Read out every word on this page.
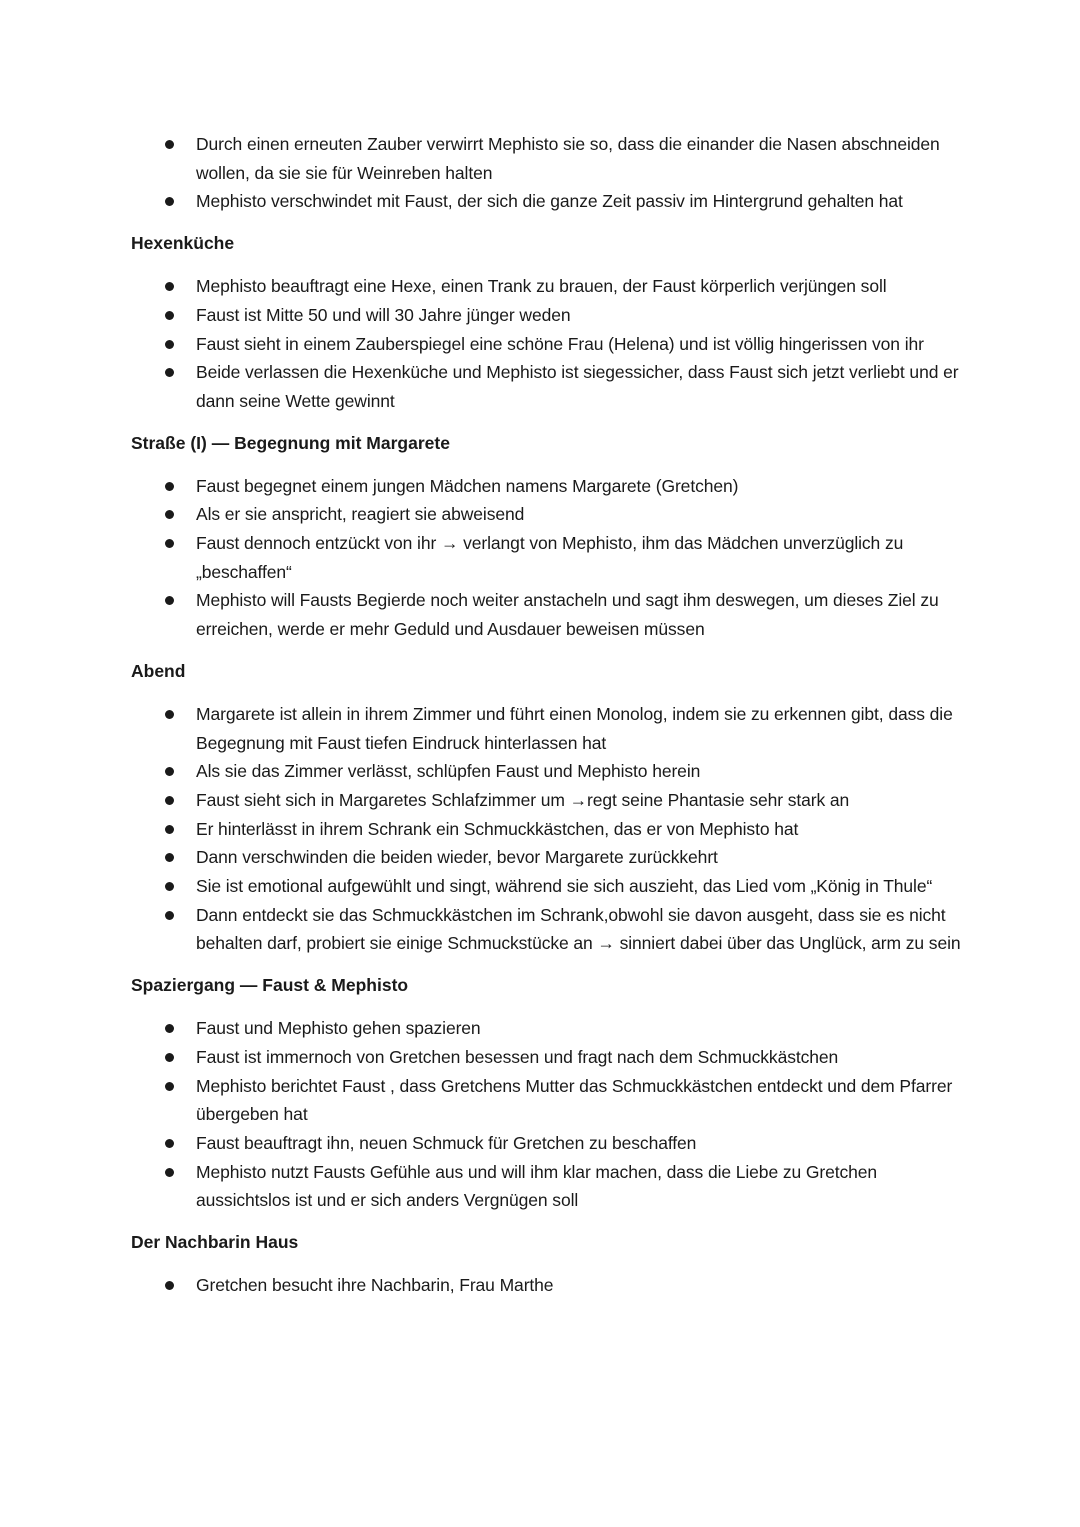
Durch einen erneuten Zauber verwirrt Mephisto sie so, dass die einander die Nasen abschneiden wollen, da sie sie für Weinreben halten
Mephisto verschwindet mit Faust, der sich die ganze Zeit passiv im Hintergrund gehalten hat
Hexenküche
Mephisto beauftragt eine Hexe, einen Trank zu brauen, der Faust körperlich verjüngen soll
Faust ist Mitte 50 und will 30 Jahre jünger weden
Faust sieht in einem Zauberspiegel eine schöne Frau (Helena) und ist völlig hingerissen von ihr
Beide verlassen die Hexenküche und Mephisto ist siegessicher, dass Faust sich jetzt verliebt und er dann seine Wette gewinnt
Straße (I) — Begegnung mit Margarete
Faust begegnet einem jungen Mädchen namens Margarete (Gretchen)
Als er sie anspricht, reagiert sie abweisend
Faust dennoch entzückt von ihr → verlangt von Mephisto, ihm das Mädchen unverzüglich zu „beschaffen“
Mephisto will Fausts Begierde noch weiter anstacheln und sagt ihm deswegen, um dieses Ziel zu erreichen, werde er mehr Geduld und Ausdauer beweisen müssen
Abend
Margarete ist allein in ihrem Zimmer und führt einen Monolog, indem sie zu erkennen gibt, dass die Begegnung mit Faust tiefen Eindruck hinterlassen hat
Als sie das Zimmer verlässt, schlüpfen Faust und Mephisto herein
Faust sieht sich in Margaretes Schlafzimmer um →regt seine Phantasie sehr stark an
Er hinterlässt in ihrem Schrank ein Schmuckkästchen, das er von Mephisto hat
Dann verschwinden die beiden wieder, bevor Margarete zurückkehrt
Sie ist emotional aufgewühlt und singt, während sie sich auszieht, das Lied vom „König in Thule“
Dann entdeckt sie das Schmuckkästchen im Schrank,obwohl sie davon ausgeht, dass sie es nicht behalten darf, probiert sie einige Schmuckstücke an → sinniert dabei über das Unglück, arm zu sein
Spaziergang — Faust & Mephisto
Faust und Mephisto gehen spazieren
Faust ist immernoch von Gretchen besessen und fragt nach dem Schmuckkästchen
Mephisto berichtet Faust , dass Gretchens Mutter das Schmuckkästchen entdeckt und dem Pfarrer übergeben hat
Faust beauftragt ihn, neuen Schmuck für Gretchen zu beschaffen
Mephisto nutzt Fausts Gefühle aus und will ihm klar machen, dass die Liebe zu Gretchen aussichtslos ist und er sich anders Vergnügen soll
Der Nachbarin Haus
Gretchen besucht ihre Nachbarin, Frau Marthe
